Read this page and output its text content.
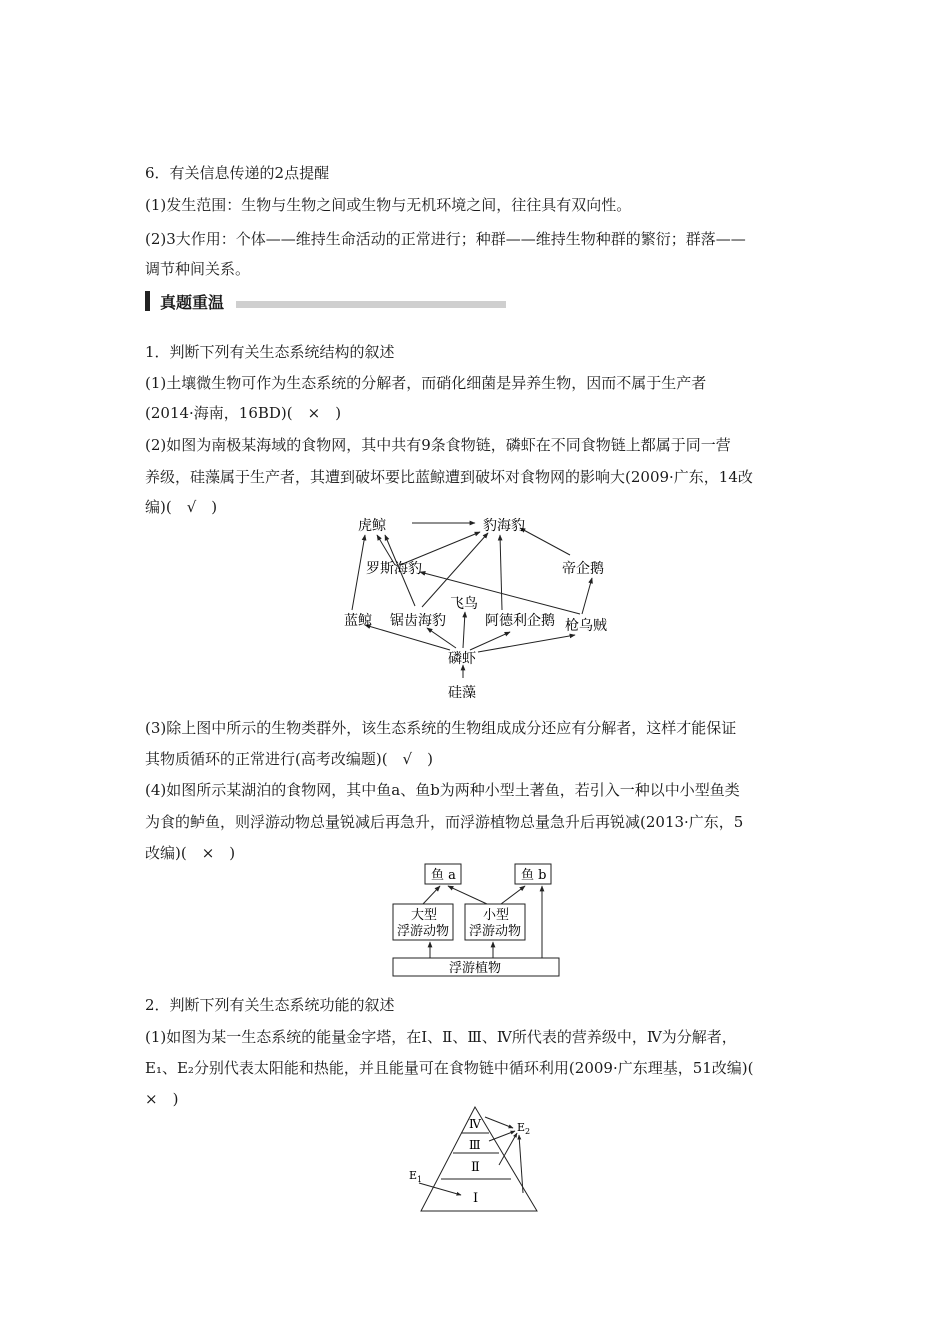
6．有关信息传递的2点提醒
(1)发生范围：生物与生物之间或生物与无机环境之间，往往具有双向性。
(2)3大作用：个体——维持生命活动的正常进行；种群——维持生物种群的繁衍；群落——
调节种间关系。
真题重温
1．判断下列有关生态系统结构的叙述
(1)土壤微生物可作为生态系统的分解者，而硝化细菌是异养生物，因而不属于生产者
(2014·海南，16BD)(　×　)
(2)如图为南极某海域的食物网，其中共有9条食物链，磷虾在不同食物链上都属于同一营
养级，硅藻属于生产者，其遭到破坏要比蓝鲸遭到破坏对食物网的影响大(2009·广东，14改
编)(　√　)
虎鲸	豹海豹
罗斯海豹	帝企鹅
蓝鲸 锯齿海豹
飞鸟
阿德利企鹅 枪乌贼
磷虾
硅藻
(3)除上图中所示的生物类群外，该生态系统的生物组成成分还应有分解者，这样才能保证
其物质循环的正常进行(高考改编题)(　√　)
(4)如图所示某湖泊的食物网，其中鱼a、鱼b为两种小型土著鱼，若引入一种以中小型鱼类
为食的鲈鱼，则浮游动物总量锐减后再急升，而浮游植物总量急升后再锐减(2013·广东，5
改编)(　×　)
鱼 a	鱼 b
大型
浮游动物
小型
浮游动物
浮游植物
2．判断下列有关生态系统功能的叙述
(1)如图为某一生态系统的能量金字塔，在Ⅰ、Ⅱ、Ⅲ、Ⅳ所代表的营养级中，Ⅳ为分解者，
E₁、E₂分别代表太阳能和热能，并且能量可在食物链中循环利用(2009·广东理基，51改编)(
×　)
Ⅳ
Ⅲ
Ⅱ
Ⅰ
E 1
E 2
